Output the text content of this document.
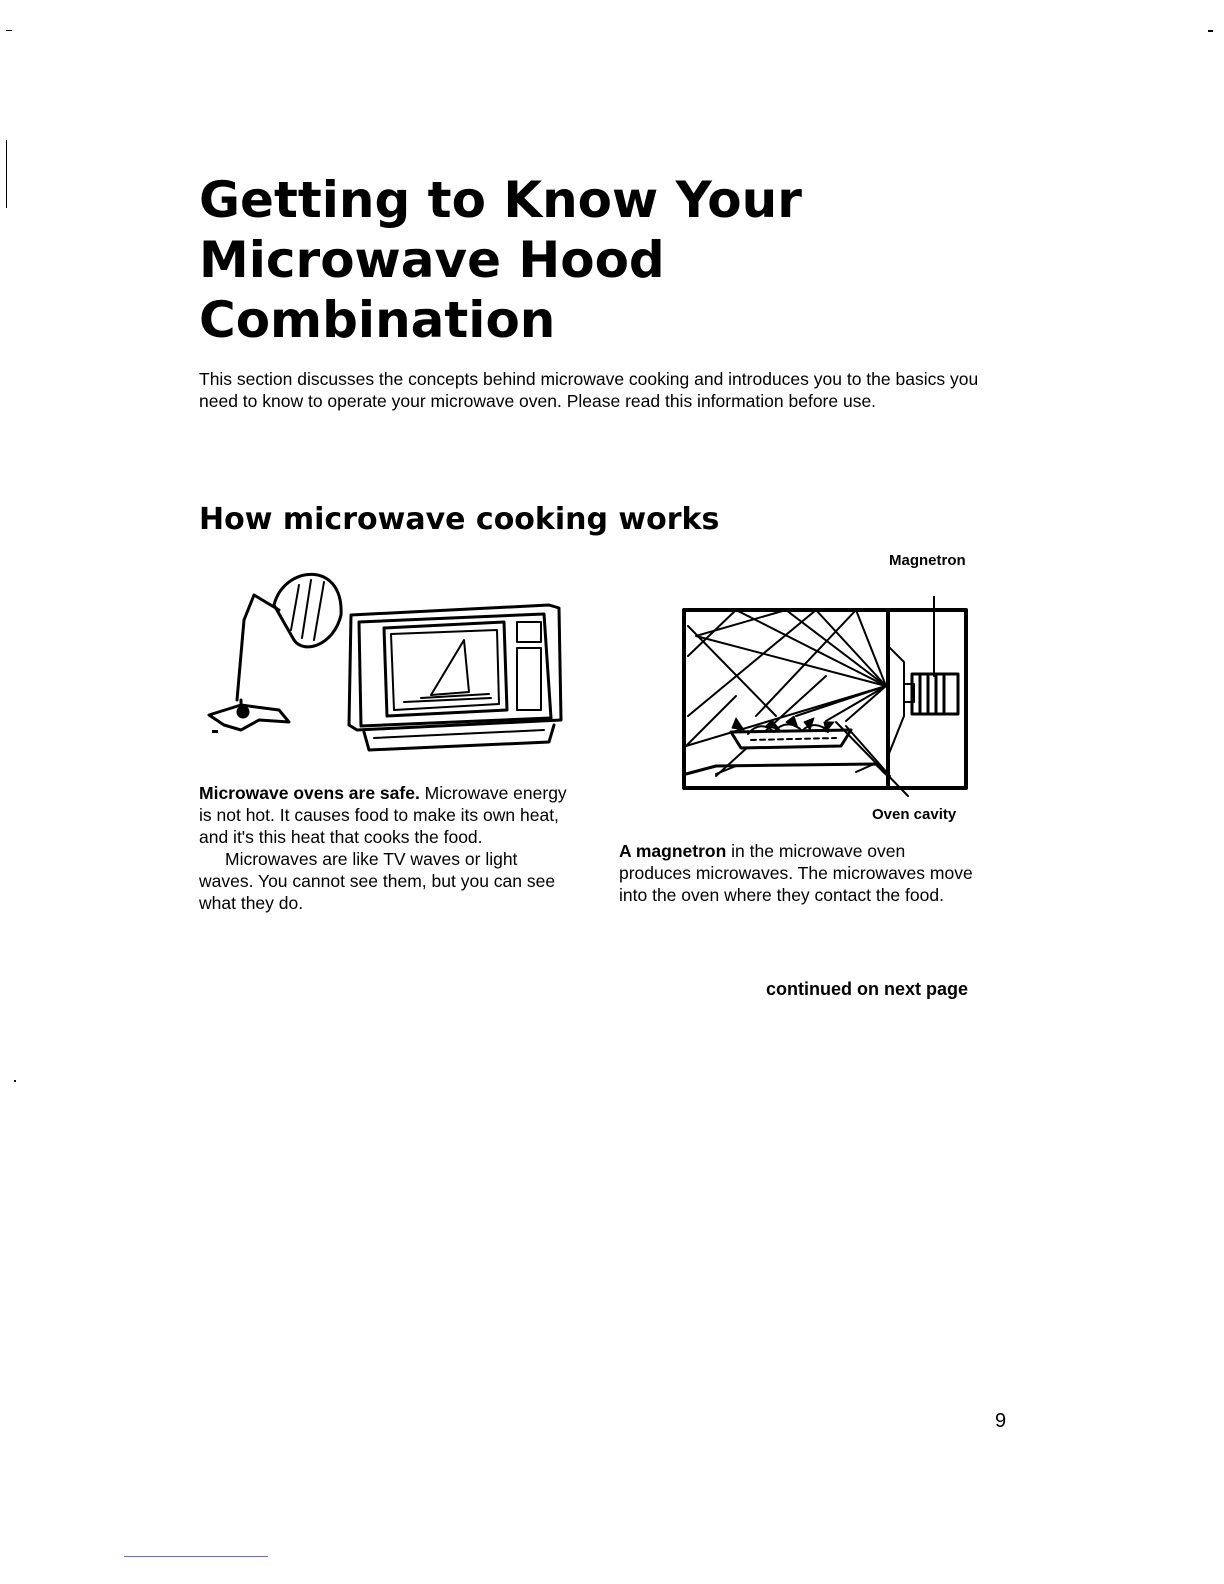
Getting to Know Your
Microwave Hood
Combination

This section discusses the concepts behind microwave cooking and introduces you to the basics you need to know to operate your microwave oven. Please read this information before use.

How microwave cooking works
Magnetron
Oven cavity

Microwave ovens are safe. Microwave energy is not hot. It causes food to make its own heat, and it's this heat that cooks the food.

Microwaves are like TV waves or light waves. You cannot see them, but you can see what they do.

A magnetron in the microwave oven produces microwaves. The microwaves move into the oven where they contact the food.

continued on next page
9
